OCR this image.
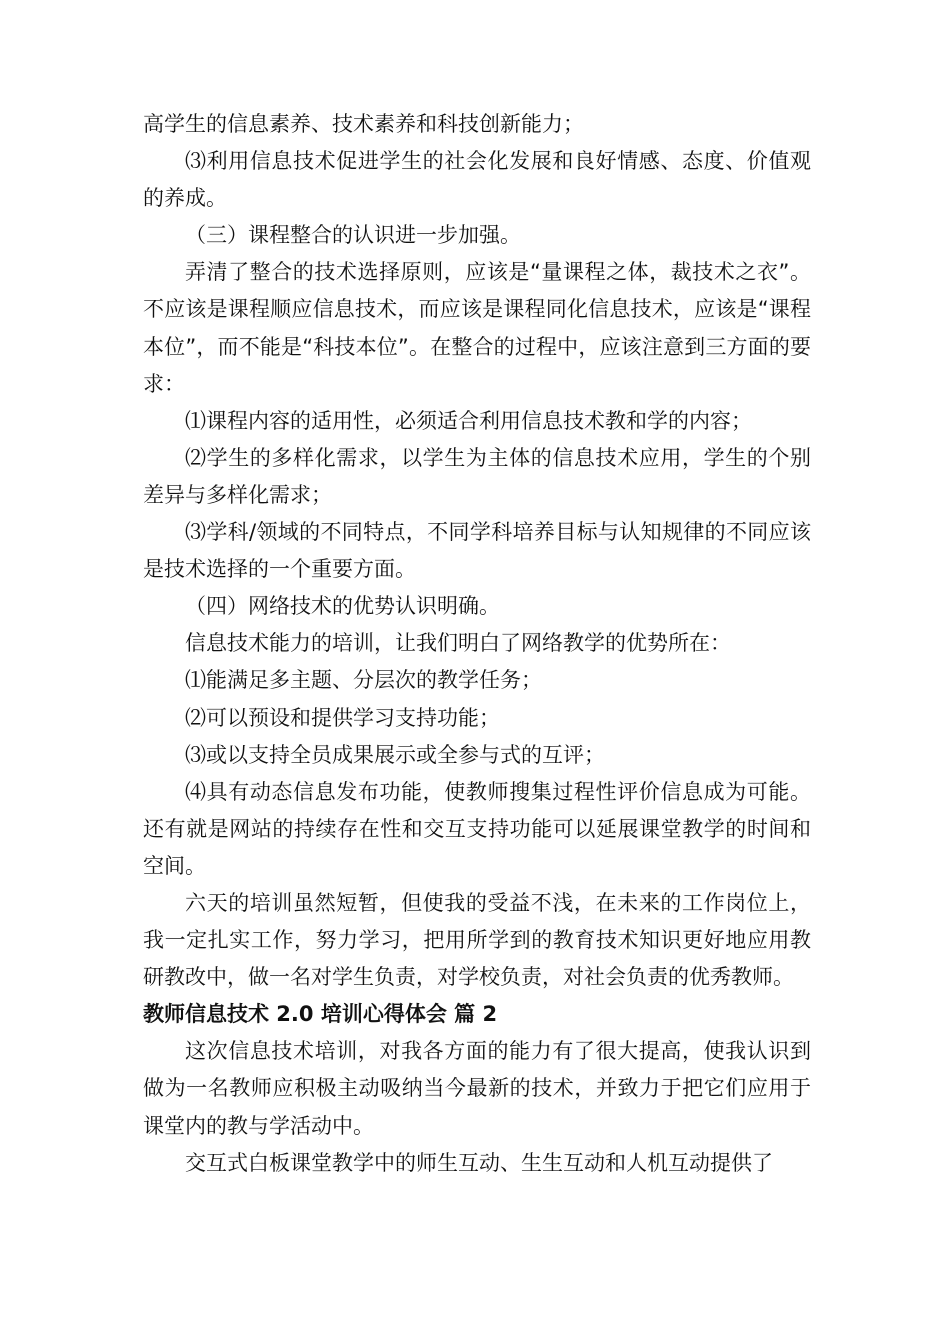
高学生的信息素养、技术素养和科技创新能力；

⑶利用信息技术促进学生的社会化发展和良好情感、态度、价值观的养成。

（三）课程整合的认识进一步加强。

弄清了整合的技术选择原则，应该是“量课程之体，裁技术之衣”。不应该是课程顺应信息技术，而应该是课程同化信息技术，应该是“课程本位”，而不能是“科技本位”。在整合的过程中，应该注意到三方面的要求：

⑴课程内容的适用性，必须适合利用信息技术教和学的内容；

⑵学生的多样化需求，以学生为主体的信息技术应用，学生的个别差异与多样化需求；

⑶学科/领域的不同特点，不同学科培养目标与认知规律的不同应该是技术选择的一个重要方面。

（四）网络技术的优势认识明确。

信息技术能力的培训，让我们明白了网络教学的优势所在：

⑴能满足多主题、分层次的教学任务；

⑵可以预设和提供学习支持功能；

⑶或以支持全员成果展示或全参与式的互评；

⑷具有动态信息发布功能，使教师搜集过程性评价信息成为可能。还有就是网站的持续存在性和交互支持功能可以延展课堂教学的时间和空间。

六天的培训虽然短暂，但使我的受益不浅，在未来的工作岗位上，我一定扎实工作，努力学习，把用所学到的教育技术知识更好地应用教研教改中，做一名对学生负责，对学校负责，对社会负责的优秀教师。

教师信息技术 2.0 培训心得体会 篇 2

这次信息技术培训，对我各方面的能力有了很大提高，使我认识到做为一名教师应积极主动吸纳当今最新的技术，并致力于把它们应用于课堂内的教与学活动中。

交互式白板课堂教学中的师生互动、生生互动和人机互动提供了
